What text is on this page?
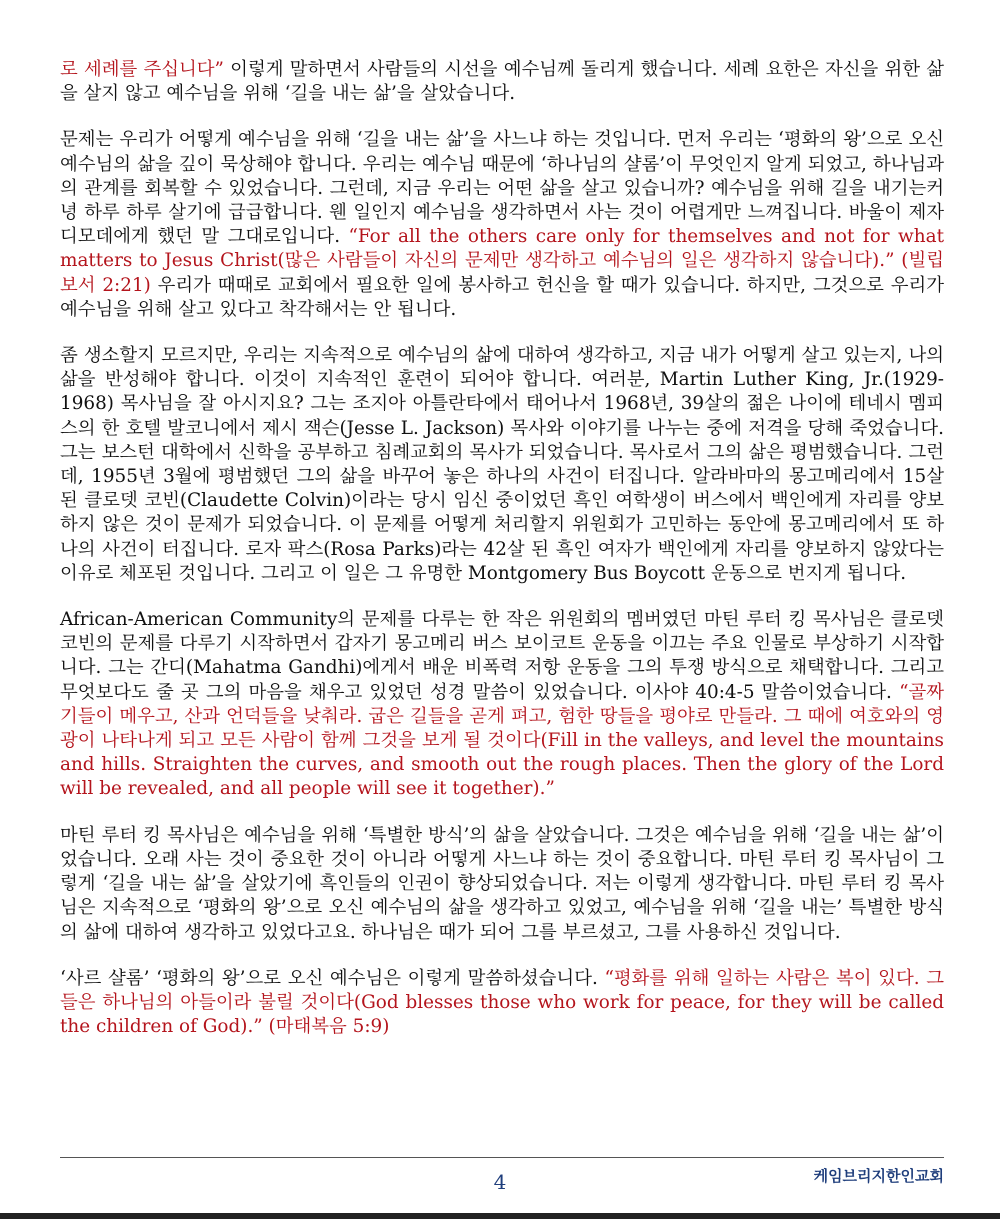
로 세례를 주십니다” 이렇게 말하면서 사람들의 시선을 예수님께 돌리게 했습니다. 세례 요한은 자신을 위한 삶을 살지 않고 예수님을 위해 ‘길을 내는 삶’을 살았습니다.

문제는 우리가 어떻게 예수님을 위해 ‘길을 내는 삶’을 사느냐 하는 것입니다. 먼저 우리는 ‘평화의 왕’으로 오신 예수님의 삶을 깊이 묵상해야 합니다. 우리는 예수님 때문에 ‘하나님의 샬롬’이 무엇인지 알게 되었고, 하나님과의 관계를 회복할 수 있었습니다. 그런데, 지금 우리는 어떤 삶을 살고 있습니까? 예수님을 위해 길을 내기는커녕 하루 하루 살기에 급급합니다. 웬 일인지 예수님을 생각하면서 사는 것이 어렵게만 느껴집니다. 바울이 제자 디모데에게 했던 말 그대로입니다. “For all the others care only for themselves and not for what matters to Jesus Christ(많은 사람들이 자신의 문제만 생각하고 예수님의 일은 생각하지 않습니다).” (빌립보서 2:21) 우리가 때때로 교회에서 필요한 일에 봉사하고 헌신을 할 때가 있습니다. 하지만, 그것으로 우리가 예수님을 위해 살고 있다고 착각해서는 안 됩니다.

좀 생소할지 모르지만, 우리는 지속적으로 예수님의 삶에 대하여 생각하고, 지금 내가 어떻게 살고 있는지, 나의 삶을 반성해야 합니다. 이것이 지속적인 훈련이 되어야 합니다. 여러분, Martin Luther King, Jr.(1929-1968) 목사님을 잘 아시지요? 그는 조지아 아틀란타에서 태어나서 1968년, 39살의 젊은 나이에 테네시 멤피스의 한 호텔 발코니에서 제시 잭슨(Jesse L. Jackson) 목사와 이야기를 나누는 중에 저격을 당해 죽었습니다. 그는 보스턴 대학에서 신학을 공부하고 침례교회의 목사가 되었습니다. 목사로서 그의 삶은 평범했습니다. 그런데, 1955년 3월에 평범했던 그의 삶을 바꾸어 놓은 하나의 사건이 터집니다. 알라바마의 몽고메리에서 15살 된 클로뎃 코빈(Claudette Colvin)이라는 당시 임신 중이었던 흑인 여학생이 버스에서 백인에게 자리를 양보하지 않은 것이 문제가 되었습니다. 이 문제를 어떻게 처리할지 위원회가 고민하는 동안에 몽고메리에서 또 하나의 사건이 터집니다. 로자 팍스(Rosa Parks)라는 42살 된 흑인 여자가 백인에게 자리를 양보하지 않았다는 이유로 체포된 것입니다. 그리고 이 일은 그 유명한 Montgomery Bus Boycott 운동으로 번지게 됩니다.

African-American Community의 문제를 다루는 한 작은 위원회의 멤버였던 마틴 루터 킹 목사님은 클로뎃 코빈의 문제를 다루기 시작하면서 갑자기 몽고메리 버스 보이코트 운동을 이끄는 주요 인물로 부상하기 시작합니다. 그는 간디(Mahatma Gandhi)에게서 배운 비폭력 저항 운동을 그의 투쟁 방식으로 채택합니다. 그리고 무엇보다도 줄 곳 그의 마음을 채우고 있었던 성경 말씀이 있었습니다. 이사야 40:4-5 말씀이었습니다. “골짜기들이 메우고, 산과 언덕들을 낮춰라. 굽은 길들을 곧게 펴고, 험한 땅들을 평야로 만들라. 그 때에 여호와의 영광이 나타나게 되고 모든 사람이 함께 그것을 보게 될 것이다(Fill in the valleys, and level the mountains and hills. Straighten the curves, and smooth out the rough places. Then the glory of the Lord will be revealed, and all people will see it together).”

마틴 루터 킹 목사님은 예수님을 위해 ‘특별한 방식’의 삶을 살았습니다. 그것은 예수님을 위해 ‘길을 내는 삶’이었습니다. 오래 사는 것이 중요한 것이 아니라 어떻게 사느냐 하는 것이 중요합니다. 마틴 루터 킹 목사님이 그렇게 ‘길을 내는 삶’을 살았기에 흑인들의 인권이 향상되었습니다. 저는 이렇게 생각합니다. 마틴 루터 킹 목사님은 지속적으로 ‘평화의 왕’으로 오신 예수님의 삶을 생각하고 있었고, 예수님을 위해 ‘길을 내는’ 특별한 방식의 삶에 대하여 생각하고 있었다고요. 하나님은 때가 되어 그를 부르셨고, 그를 사용하신 것입니다.

‘사르 샬롬’ ‘평화의 왕’으로 오신 예수님은 이렇게 말씀하셨습니다. “평화를 위해 일하는 사람은 복이 있다. 그들은 하나님의 아들이라 불릴 것이다(God blesses those who work for peace, for they will be called the children of God).” (마태복음 5:9)

4	케임브리지한인교회
